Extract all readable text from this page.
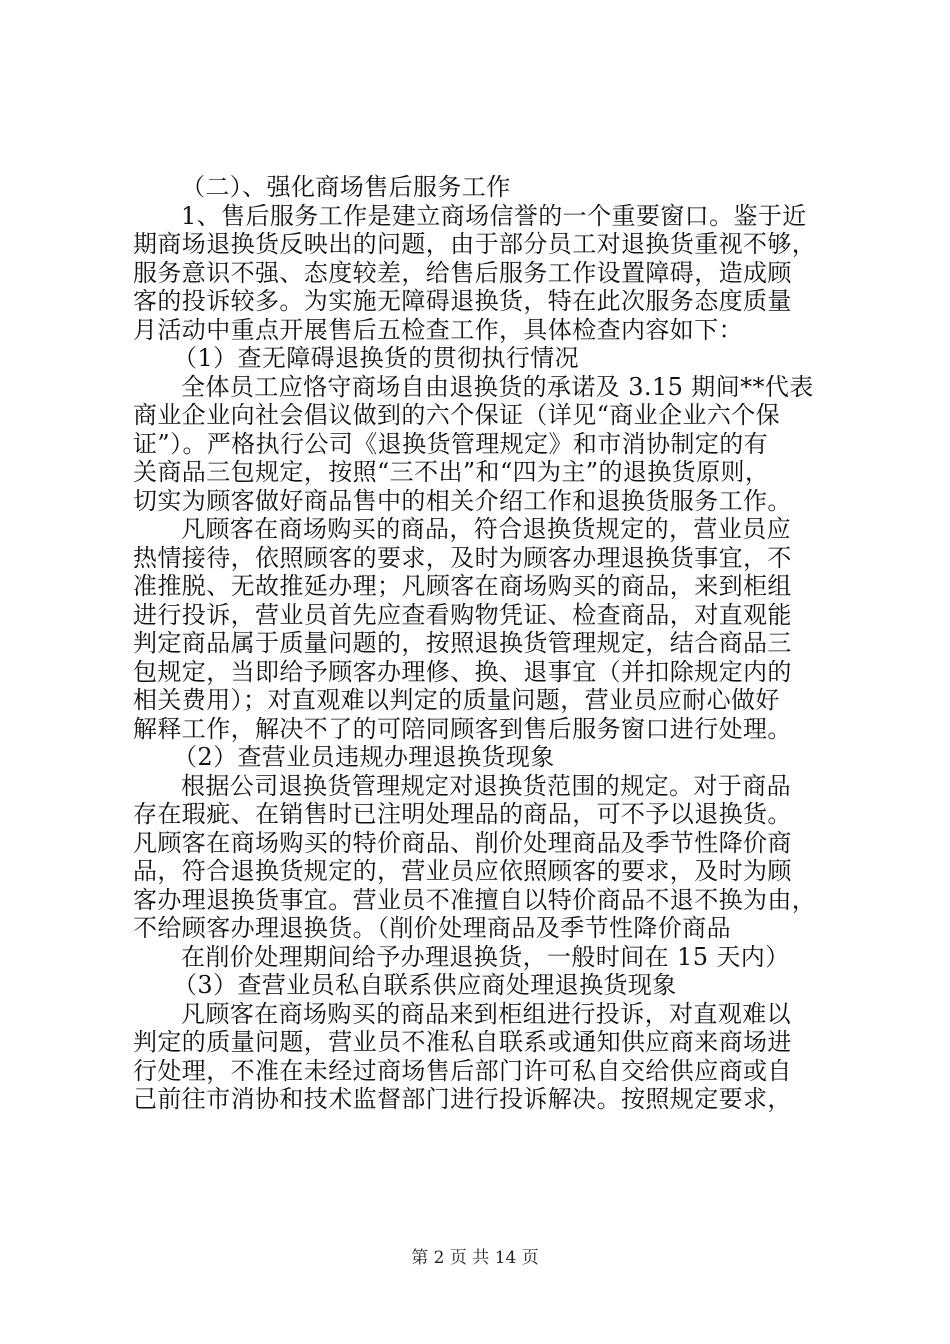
（二）、强化商场售后服务工作
1、售后服务工作是建立商场信誉的一个重要窗口。鉴于近
期商场退换货反映出的问题，由于部分员工对退换货重视不够，
服务意识不强、态度较差，给售后服务工作设置障碍，造成顾
客的投诉较多。为实施无障碍退换货，特在此次服务态度质量
月活动中重点开展售后五检查工作，具体检查内容如下：
（1）查无障碍退换货的贯彻执行情况
全体员工应恪守商场自由退换货的承诺及 3.15 期间**代表
商业企业向社会倡议做到的六个保证（详见“商业企业六个保
证”）。严格执行公司《退换货管理规定》和市消协制定的有
关商品三包规定，按照“三不出”和“四为主”的退换货原则，
切实为顾客做好商品售中的相关介绍工作和退换货服务工作。
凡顾客在商场购买的商品，符合退换货规定的，营业员应
热情接待，依照顾客的要求，及时为顾客办理退换货事宜，不
准推脱、无故推延办理；凡顾客在商场购买的商品，来到柜组
进行投诉，营业员首先应查看购物凭证、检查商品，对直观能
判定商品属于质量问题的，按照退换货管理规定，结合商品三
包规定，当即给予顾客办理修、换、退事宜（并扣除规定内的
相关费用）；对直观难以判定的质量问题，营业员应耐心做好
解释工作，解决不了的可陪同顾客到售后服务窗口进行处理。
（2）查营业员违规办理退换货现象
根据公司退换货管理规定对退换货范围的规定。对于商品
存在瑕疵、在销售时已注明处理品的商品，可不予以退换货。
凡顾客在商场购买的特价商品、削价处理商品及季节性降价商
品，符合退换货规定的，营业员应依照顾客的要求，及时为顾
客办理退换货事宜。营业员不准擅自以特价商品不退不换为由，
不给顾客办理退换货。（削价处理商品及季节性降价商品
在削价处理期间给予办理退换货，一般时间在 15 天内）
（3）查营业员私自联系供应商处理退换货现象
凡顾客在商场购买的商品来到柜组进行投诉，对直观难以
判定的质量问题，营业员不准私自联系或通知供应商来商场进
行处理，不准在未经过商场售后部门许可私自交给供应商或自
己前往市消协和技术监督部门进行投诉解决。按照规定要求，
第 2 页 共 14 页
